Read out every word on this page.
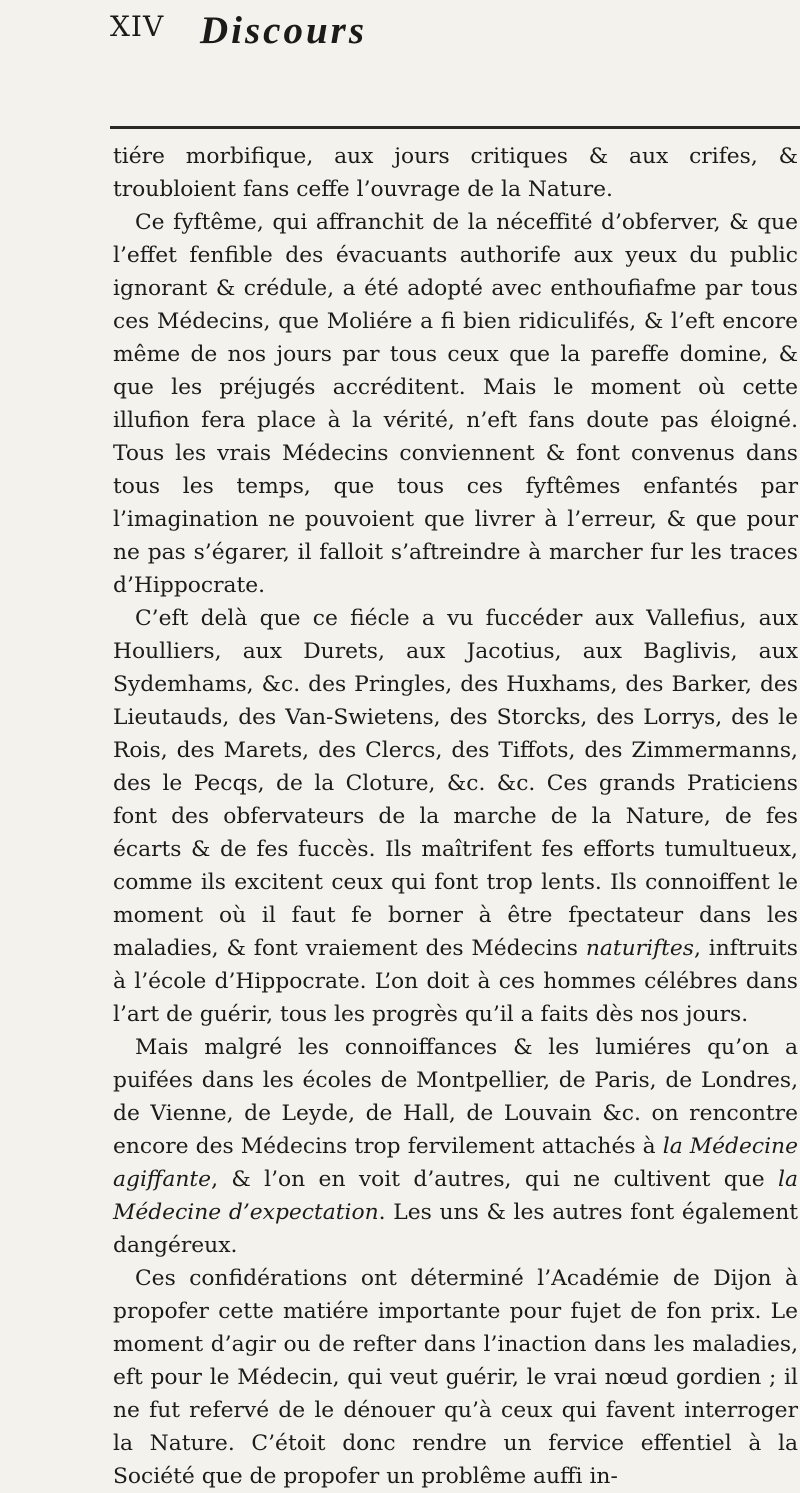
XIV Discours

tiére morbifique, aux jours critiques & aux crifes, & troubloient fans ceffe l’ouvrage de la Nature.

Ce fyftême, qui affranchit de la néceffité d’obferver, & que l’effet fenfible des évacuants authorife aux yeux du public ignorant & crédule, a été adopté avec enthoufiafme par tous ces Médecins, que Moliére a fi bien ridiculifés, & l’eft encore même de nos jours par tous ceux que la pareffe domine, & que les préjugés accréditent. Mais le moment où cette illufion fera place à la vérité, n’eft fans doute pas éloigné. Tous les vrais Médecins conviennent & font convenus dans tous les temps, que tous ces fyftêmes enfantés par l’imagination ne pouvoient que livrer à l’erreur, & que pour ne pas s’égarer, il falloit s’aftreindre à marcher fur les traces d’Hippocrate.

C’eft delà que ce fiécle a vu fuccéder aux Vallefius, aux Houlliers, aux Durets, aux Jacotius, aux Baglivis, aux Sydemhams, &c. des Pringles, des Huxhams, des Barker, des Lieutauds, des Van-Swietens, des Storcks, des Lorrys, des le Rois, des Marets, des Clercs, des Tiffots, des Zimmermanns, des le Pecqs, de la Cloture, &c. &c. Ces grands Praticiens font des obfervateurs de la marche de la Nature, de fes écarts & de fes fuccès. Ils maîtrifent fes efforts tumultueux, comme ils excitent ceux qui font trop lents. Ils connoiffent le moment où il faut fe borner à être fpectateur dans les maladies, & font vraiement des Médecins naturiftes, inftruits à l’école d’Hippocrate. L’on doit à ces hommes célébres dans l’art de guérir, tous les progrès qu’il a faits dès nos jours.

Mais malgré les connoiffances & les lumiéres qu’on a puifées dans les écoles de Montpellier, de Paris, de Londres, de Vienne, de Leyde, de Hall, de Louvain &c. on rencontre encore des Médecins trop fervilement attachés à la Médecine agiffante, & l’on en voit d’autres, qui ne cultivent que la Médecine d’expectation. Les uns & les autres font également dangéreux.

Ces confidérations ont déterminé l’Académie de Dijon à propofer cette matiére importante pour fujet de fon prix. Le moment d’agir ou de refter dans l’inaction dans les maladies, eft pour le Médecin, qui veut guérir, le vrai nœud gordien ; il ne fut refervé de le dénouer qu’à ceux qui favent interroger la Nature. C’étoit donc rendre un fervice effentiel à la Société que de propofer un problême auffi in-
